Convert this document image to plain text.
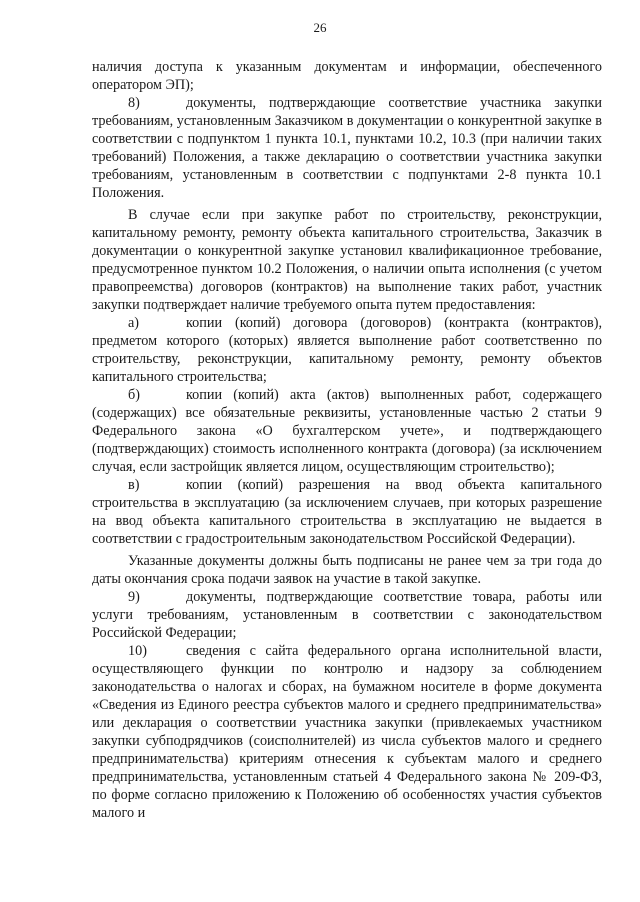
26

наличия доступа к указанным документам и информации, обеспеченного оператором ЭП);

8)	документы, подтверждающие соответствие участника закупки требованиям, установленным Заказчиком в документации о конкурентной закупке в соответствии с подпунктом 1 пункта 10.1, пунктами 10.2, 10.3 (при наличии таких требований) Положения, а также декларацию о соответствии участника закупки требованиям, установленным в соответствии с подпунктами 2-8 пункта 10.1 Положения.

В случае если при закупке работ по строительству, реконструкции, капитальному ремонту, ремонту объекта капитального строительства, Заказчик в документации о конкурентной закупке установил квалификационное требование, предусмотренное пунктом 10.2 Положения, о наличии опыта исполнения (с учетом правопреемства) договоров (контрактов) на выполнение таких работ, участник закупки подтверждает наличие требуемого опыта путем предоставления:

а)	копии (копий) договора (договоров) (контракта (контрактов), предметом которого (которых) является выполнение работ соответственно по строительству, реконструкции, капитальному ремонту, ремонту объектов капитального строительства;

б)	копии (копий) акта (актов) выполненных работ, содержащего (содержащих) все обязательные реквизиты, установленные частью 2 статьи 9 Федерального закона «О бухгалтерском учете», и подтверждающего (подтверждающих) стоимость исполненного контракта (договора) (за исключением случая, если застройщик является лицом, осуществляющим строительство);

в)	копии (копий) разрешения на ввод объекта капитального строительства в эксплуатацию (за исключением случаев, при которых разрешение на ввод объекта капитального строительства в эксплуатацию не выдается в соответствии с градостроительным законодательством Российской Федерации).

Указанные документы должны быть подписаны не ранее чем за три года до даты окончания срока подачи заявок на участие в такой закупке.

9)	документы, подтверждающие соответствие товара, работы или услуги требованиям, установленным в соответствии с законодательством Российской Федерации;

10)	сведения с сайта федерального органа исполнительной власти, осуществляющего функции по контролю и надзору за соблюдением законодательства о налогах и сборах, на бумажном носителе в форме документа «Сведения из Единого реестра субъектов малого и среднего предпринимательства» или декларация о соответствии участника закупки (привлекаемых участником закупки субподрядчиков (соисполнителей) из числа субъектов малого и среднего предпринимательства) критериям отнесения к субъектам малого и среднего предпринимательства, установленным статьей 4 Федерального закона № 209-ФЗ, по форме согласно приложению к Положению об особенностях участия субъектов малого и
